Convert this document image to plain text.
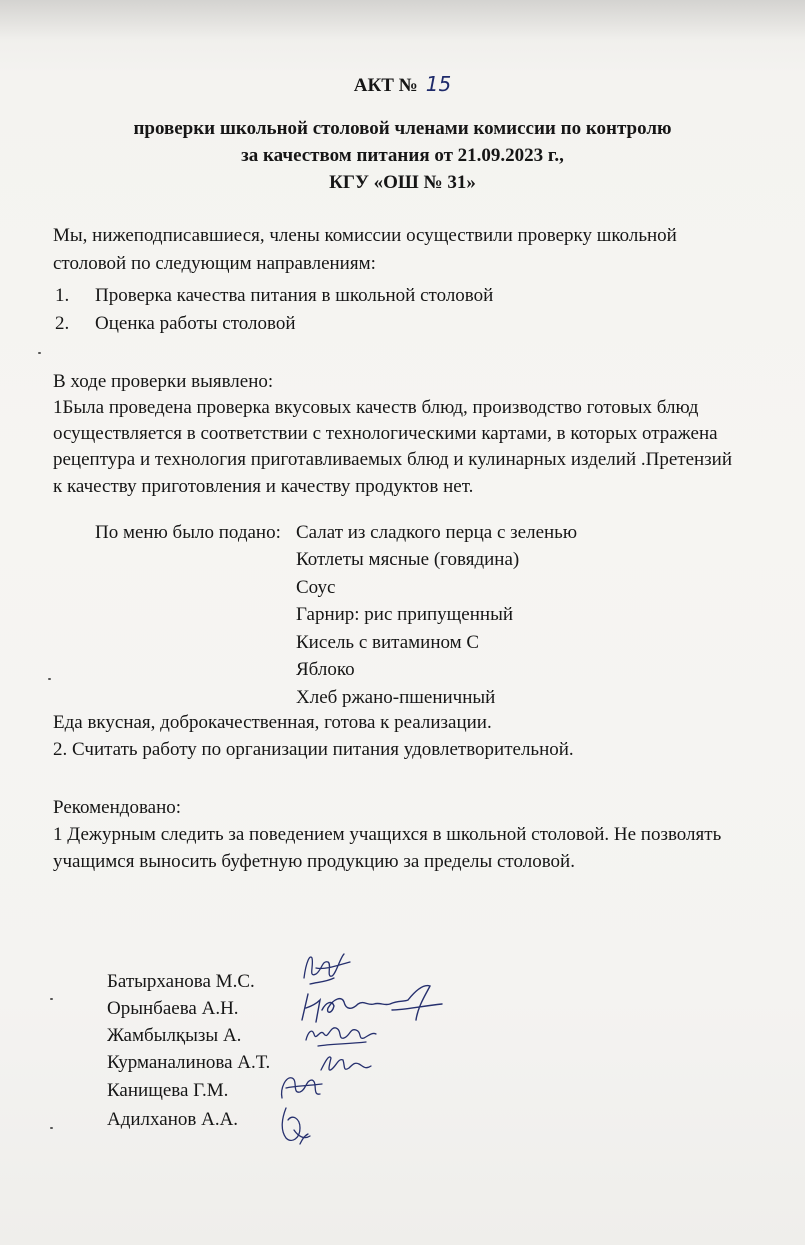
АКТ № 15
проверки школьной столовой членами комиссии по контролю
за качеством питания от 21.09.2023 г.,
КГУ «ОШ № 31»
Мы, нижеподписавшиеся, члены комиссии осуществили проверку школьной
столовой по следующим направлениям:
1. Проверка качества питания в школьной столовой
2. Оценка работы столовой
В ходе проверки выявлено:
1Была проведена проверка вкусовых качеств блюд, производство готовых блюд
осуществляется в соответствии с технологическими картами, в которых отражена
рецептура и технология приготавливаемых блюд и кулинарных изделий .Претензий
к качеству приготовления и качеству продуктов нет.
По меню было подано: Салат из сладкого перца с зеленью
Котлеты мясные (говядина)
Соус
Гарнир: рис припущенный
Кисель с витамином С
Яблоко
Хлеб ржано-пшеничный
Еда вкусная, доброкачественная, готова к реализации.
2. Считать работу по организации питания удовлетворительной.
Рекомендовано:
1 Дежурным следить за поведением учащихся в школьной столовой. Не позволять
учащимся выносить буфетную продукцию за пределы столовой.
Батырханова М.С.
Орынбаева А.Н.
Жамбылқызы А.
Курманалинова А.Т.
Канищева Г.М.
Адилханов А.А.
